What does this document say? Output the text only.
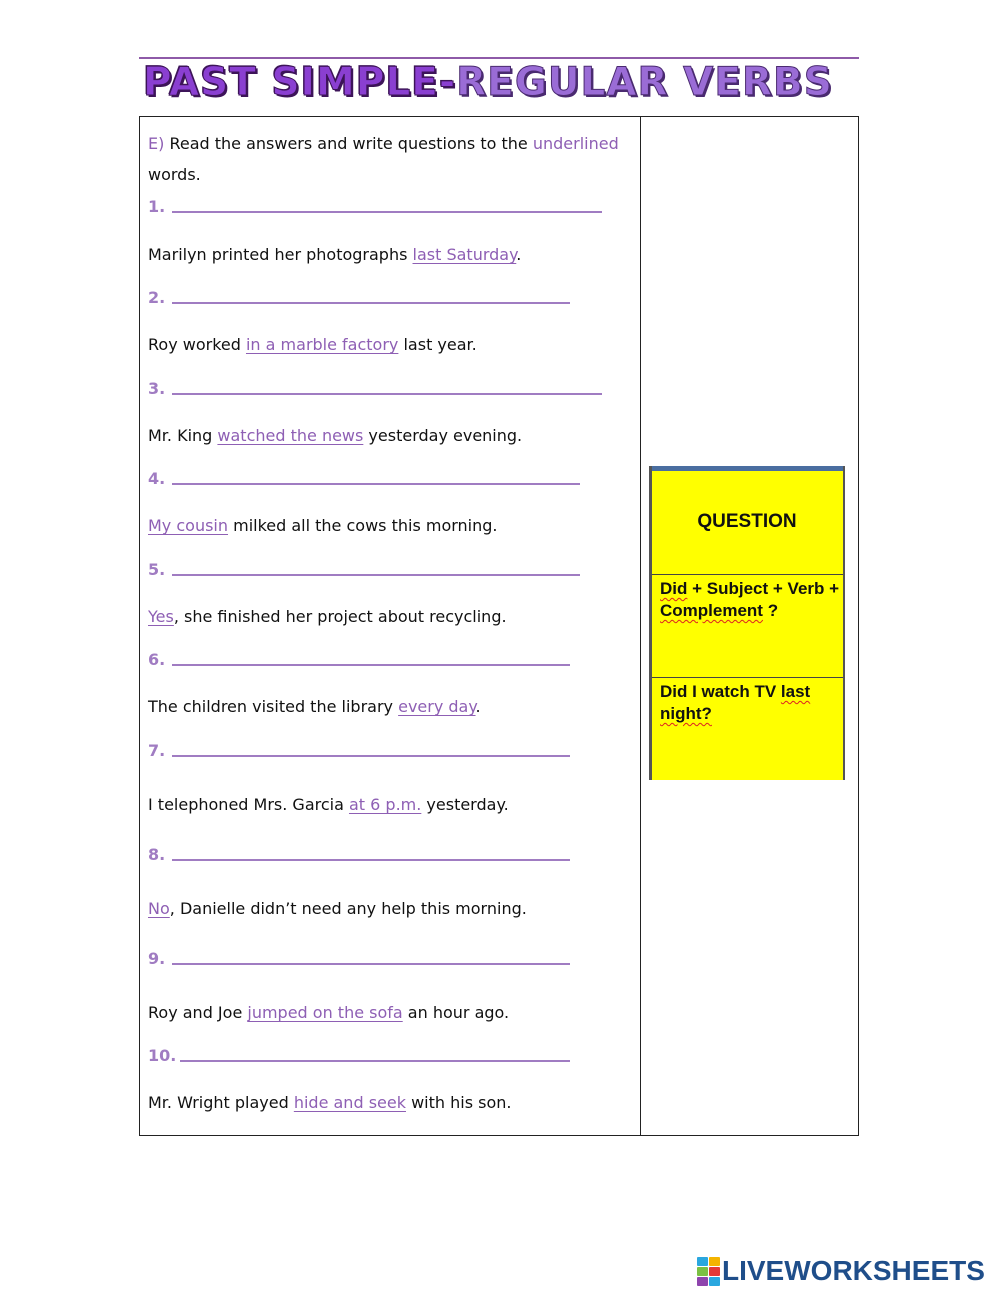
PAST SIMPLE-REGULAR VERBS
E) Read the answers and write questions to the underlined
words.
1.
Marilyn printed her photographs last Saturday.
2.
Roy worked in a marble factory last year.
3.
Mr. King watched the news yesterday evening.
4.
My cousin milked all the cows this morning.
5.
Yes, she finished her project about recycling.
6.
The children visited the library every day.
7.
I telephoned Mrs. Garcia at 6 p.m. yesterday.
8.
No, Danielle didn’t need any help this morning.
9.
Roy and Joe jumped on the sofa an hour ago.
10.
Mr. Wright played hide and seek with his son.
QUESTION
Did + Subject + Verb + Complement ?
Did I watch TV last night?
LIVEWORKSHEETS
